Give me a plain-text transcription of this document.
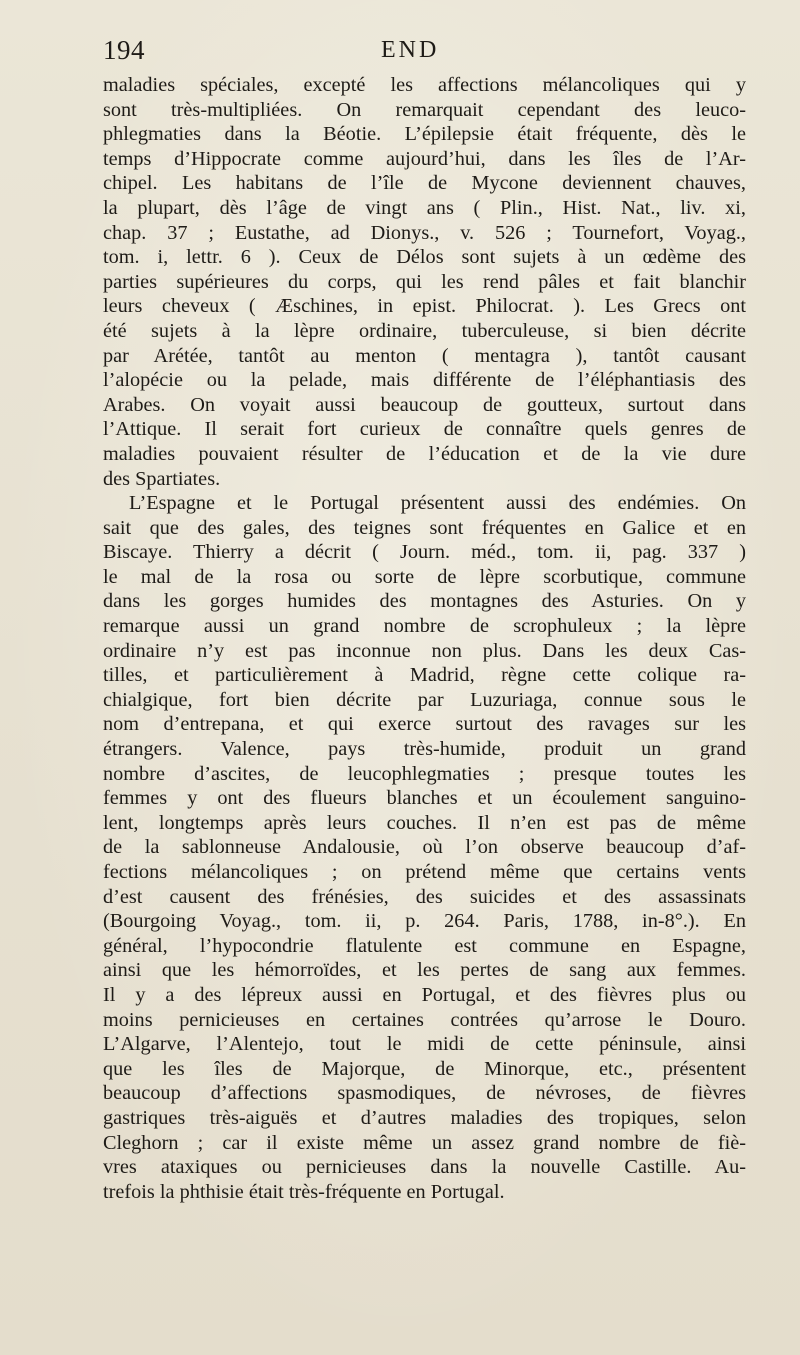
194	END
maladies spéciales, excepté les affections mélancoliques qui y
sont très-multipliées. On remarquait cependant des leuco-
phlegmaties dans la Béotie. L’épilepsie était fréquente, dès le
temps d’Hippocrate comme aujourd’hui, dans les îles de l’Ar-
chipel. Les habitans de l’île de Mycone deviennent chauves,
la plupart, dès l’âge de vingt ans ( Plin., Hist. Nat., liv. xi,
chap. 37 ; Eustathe, ad Dionys., v. 526 ; Tournefort, Voyag.,
tom. i, lettr. 6 ). Ceux de Délos sont sujets à un œdème des
parties supérieures du corps, qui les rend pâles et fait blanchir
leurs cheveux ( Æschines, in epist. Philocrat. ). Les Grecs ont
été sujets à la lèpre ordinaire, tuberculeuse, si bien décrite
par Arétée, tantôt au menton ( mentagra ), tantôt causant
l’alopécie ou la pelade, mais différente de l’éléphantiasis des
Arabes. On voyait aussi beaucoup de goutteux, surtout dans
l’Attique. Il serait fort curieux de connaître quels genres de
maladies pouvaient résulter de l’éducation et de la vie dure
des Spartiates.
L’Espagne et le Portugal présentent aussi des endémies. On
sait que des gales, des teignes sont fréquentes en Galice et en
Biscaye. Thierry a décrit ( Journ. méd., tom. ii, pag. 337 )
le mal de la rosa ou sorte de lèpre scorbutique, commune
dans les gorges humides des montagnes des Asturies. On y
remarque aussi un grand nombre de scrophuleux ; la lèpre
ordinaire n’y est pas inconnue non plus. Dans les deux Cas-
tilles, et particulièrement à Madrid, règne cette colique ra-
chialgique, fort bien décrite par Luzuriaga, connue sous le
nom d’entrepana, et qui exerce surtout des ravages sur les
étrangers. Valence, pays très-humide, produit un grand
nombre d’ascites, de leucophlegmaties ; presque toutes les
femmes y ont des flueurs blanches et un écoulement sanguino-
lent, longtemps après leurs couches. Il n’en est pas de même
de la sablonneuse Andalousie, où l’on observe beaucoup d’af-
fections mélancoliques ; on prétend même que certains vents
d’est causent des frénésies, des suicides et des assassinats
(Bourgoing Voyag., tom. ii, p. 264. Paris, 1788, in-8°.). En
général, l’hypocondrie flatulente est commune en Espagne,
ainsi que les hémorroïdes, et les pertes de sang aux femmes.
Il y a des lépreux aussi en Portugal, et des fièvres plus ou
moins pernicieuses en certaines contrées qu’arrose le Douro.
L’Algarve, l’Alentejo, tout le midi de cette péninsule, ainsi
que les îles de Majorque, de Minorque, etc., présentent
beaucoup d’affections spasmodiques, de névroses, de fièvres
gastriques très-aiguës et d’autres maladies des tropiques, selon
Cleghorn ; car il existe même un assez grand nombre de fiè-
vres ataxiques ou pernicieuses dans la nouvelle Castille. Au-
trefois la phthisie était très-fréquente en Portugal.
